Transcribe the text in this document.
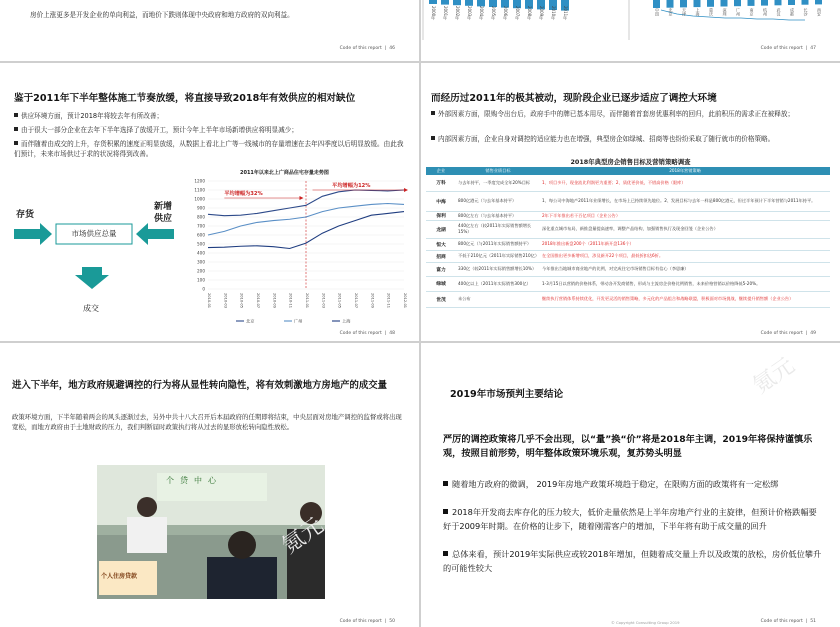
房价上涨更多是开发企业的单向利益，而地价下跌则体现中央政府和地方政府的双向利益。
Code of this report | 46
2000年 2001年 2002年 2003年 2004年 2005年 2006年 2007年 2008年 2009年 2010年 2011年	中国 北京 天津 上海 重庆 深圳 广州 南京 杭州 武汉 成都 长沙 西安
Code of this report | 47
鉴于2011年下半年整体施工节奏放缓，将直接导致2018年有效供应的相对缺位
供应环境方面，预计2018年将较去年有所改善；
由于很大一部分企业在去年下半年选择了放缓开工，预计今年上半年市场新增供应将明显减少；
而伴随着由成交的上升，存货积累的速度正明显放缓，从数据上看北上广等一线城市的存量增速在去年四季度以后明显放缓。由此我们预计，未来市场供过于求的状况将得到改善。
存货
新增
供应
市场供应总量
成交
2011年以来北上广商品住宅存量走势图
0
100
200
300
400
500
600
700
800
900
1000
1100
1200
2010-01	2010-03	2010-05	2010-07	2010-09	2010-11	2011-01	2011-03	2011-05	2011-07	2011-09	2011-11	2012-01
北京	广州	上海
平均增幅为32%
平均增幅为12%
Code of this report | 48
而经历过2011年的极其被动，现阶段企业已逐步适应了调控大环境
外部因素方面，限购令出台后，政府手中的牌已基本用尽，而伴随着首套房优惠利率的回归，此前积压的需求正在被释放；
内部因素方面，企业自身对调控的适应能力也在增强，典型房企如绿城、招商等也纷纷采取了随行就市的价格策略。
2018年典型房企销售目标及营销策略调查
企业	销售业绩目标	2018年营销策略
万科	与去年持平，一季度完成全年20%目标	1、项目多开，现金流比利润更为重要；2、质优更价低，不惜高价格（限库）
中海	800亿港元（与去年基本持平）	1、每公司中海地产2011年业绩增长，在市场上已持续领先地位。2、发展目标与去年一样是800亿港元，但过半年预计下半年营销与2011年持平。
保利	800亿左右（与去年基本持平）	2年下半年推出若干百亿项目（企业公告）
龙湖	440亿左右（较2011年实际销售额增长15%）	深化重点城市布局，新推盘量提高速率，调整产品结构，加强销售执行及现金回笼（企业公告）
恒大	800亿元（与2011年实际销售额持平）	2018年推出新盘200个（2011年新开盘136个）
招商	不低于210亿元（2011年实际销售210亿）	在全国推出更多新增项目，涉及新开22个项目，最低折扣达6折。
富力	330亿（较2011年实际销售额增长10%）	今年推出当地城市商业地产的比例，对完成住宅市场销售目标有信心（李思廉）
绿城	400亿以上（2011年实际销售300亿）	1-3月15日以营销的价格体系，带动各开发商销售，形成与主流房企价格比例销售，未来价格营销以价格降低5-20%。
世茂	未公布	继续执行营销体系持续优化，开发更灵活的销售策略，多元化的产品组合和战略联盟，积极面对市场挑战，继续提升销售额（企业公告）
Code of this report | 49
进入下半年，地方政府规避调控的行为将从显性转向隐性，将有效刺激地方房地产的成交量
政策环境方面，下半年随着两会的风头逐渐过去，另外中共十八大召开后本届政府的任期即将结束，中央层面对房地产调控的监督或将出现宽松，而地方政府由于土地财政的压力，我们判断届时政策执行将从过去的显形放松转向隐性放松。
个贷中心
个人住房贷款
氪元
Code of this report | 50
2019年市场预判主要结论
严厉的调控政策将几乎不会出现，以“量”换“价”将是2018年主调，2019年将保持谨慎乐观，按照目前形势，明年整体政策环境乐观，复苏势头明显
随着地方政府的微调， 2019年房地产政策环境趋于稳定，在限购方面的政策将有一定松绑
2018年开发商去库存化的压力较大，低价走量依然是上半年房地产行业的主旋律，但预计价格跌幅要好于2009年时期。在价格的让步下，随着刚需客户的增加，下半年将有助于成交量的回升
总体来看，预计2019年实际供应或较2018年增加，但随着成交量上升以及政策的放松，房价低位攀升的可能性较大
氪元
© Copyright Consulting Group 2019	Code of this report | 51
